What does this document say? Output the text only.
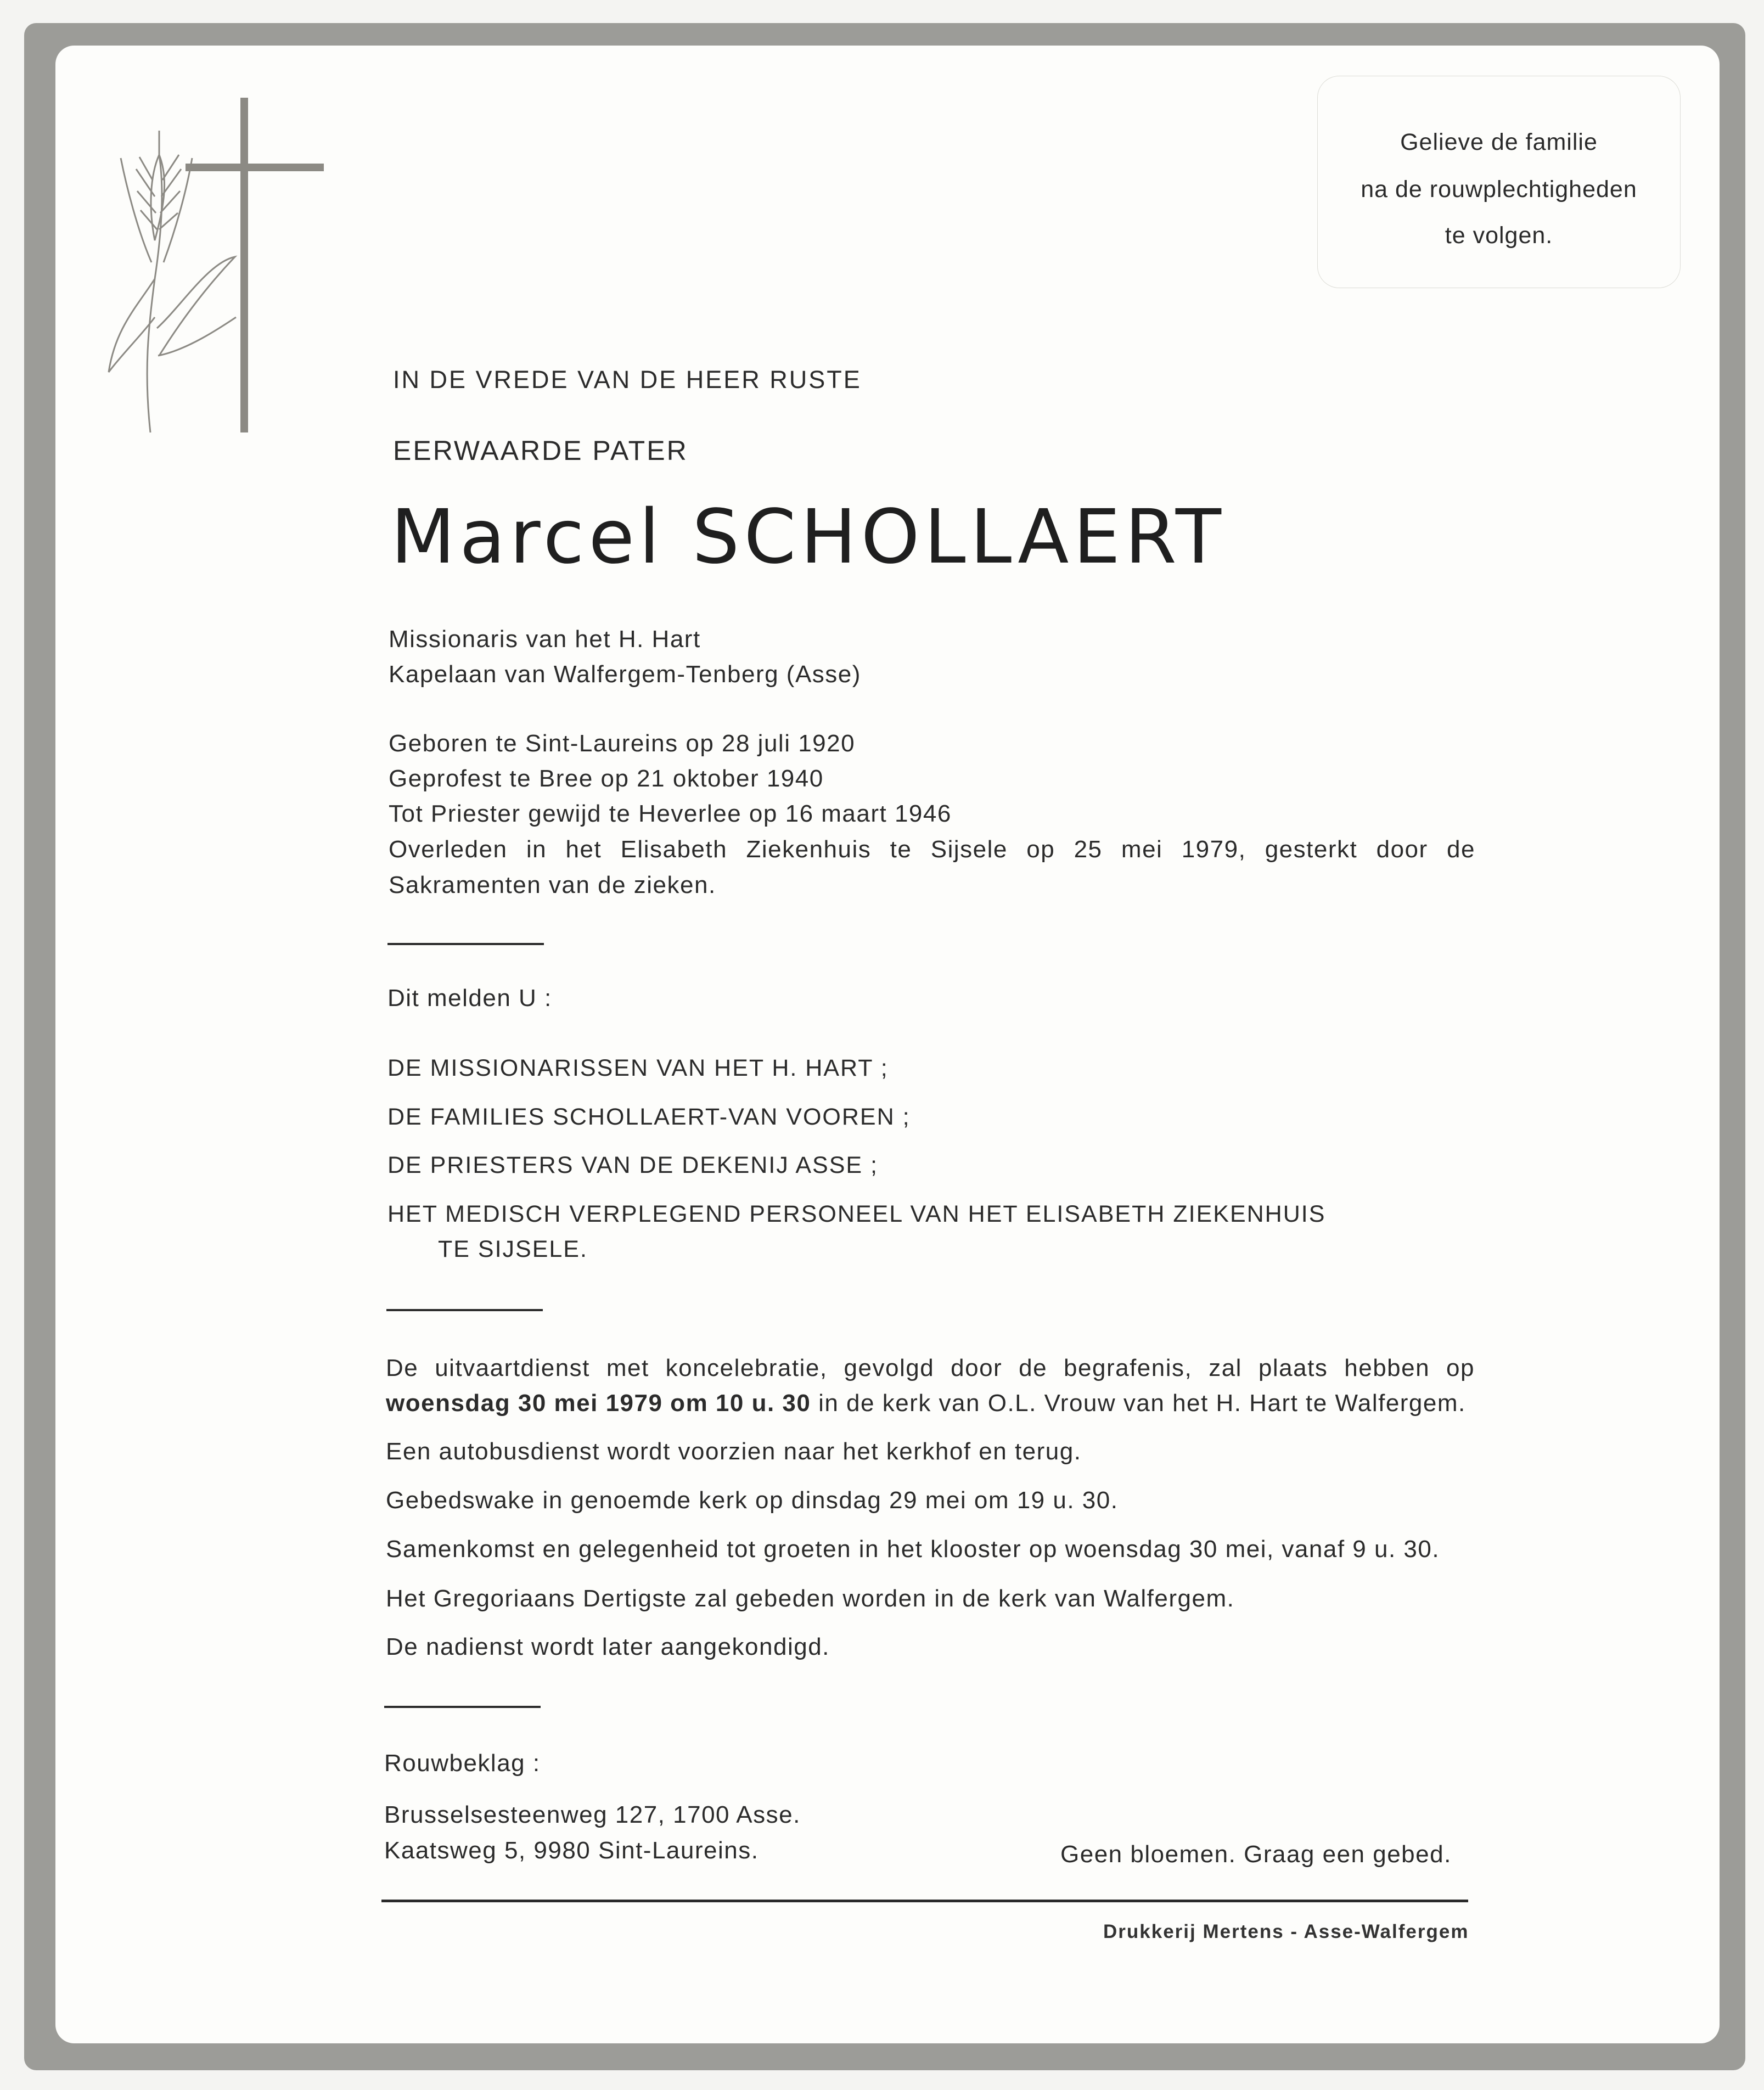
Gelieve de familie
na de rouwplechtigheden
te volgen.
IN DE VREDE VAN DE HEER RUSTE
EERWAARDE PATER
Marcel SCHOLLAERT
Missionaris van het H. Hart
Kapelaan van Walfergem-Tenberg (Asse)
Geboren te Sint-Laureins op 28 juli 1920
Geprofest te Bree op 21 oktober 1940
Tot Priester gewijd te Heverlee op 16 maart 1946
Overleden in het Elisabeth Ziekenhuis te Sijsele op 25 mei 1979, gesterkt door de
Sakramenten van de zieken.
Dit melden U :
DE MISSIONARISSEN VAN HET H. HART ;
DE FAMILIES SCHOLLAERT-VAN VOOREN ;
DE PRIESTERS VAN DE DEKENIJ ASSE ;
HET MEDISCH VERPLEGEND PERSONEEL VAN HET ELISABETH ZIEKENHUIS
TE SIJSELE.
De uitvaartdienst met koncelebratie, gevolgd door de begrafenis, zal plaats hebben op
woensdag 30 mei 1979 om 10 u. 30 in de kerk van O.L. Vrouw van het H. Hart te Walfergem.
Een autobusdienst wordt voorzien naar het kerkhof en terug.
Gebedswake in genoemde kerk op dinsdag 29 mei om 19 u. 30.
Samenkomst en gelegenheid tot groeten in het klooster op woensdag 30 mei, vanaf 9 u. 30.
Het Gregoriaans Dertigste zal gebeden worden in de kerk van Walfergem.
De nadienst wordt later aangekondigd.
Rouwbeklag :
Brusselsesteenweg 127, 1700 Asse.
Kaatsweg 5, 9980 Sint-Laureins.	Geen bloemen. Graag een gebed.
Drukkerij Mertens - Asse-Walfergem
